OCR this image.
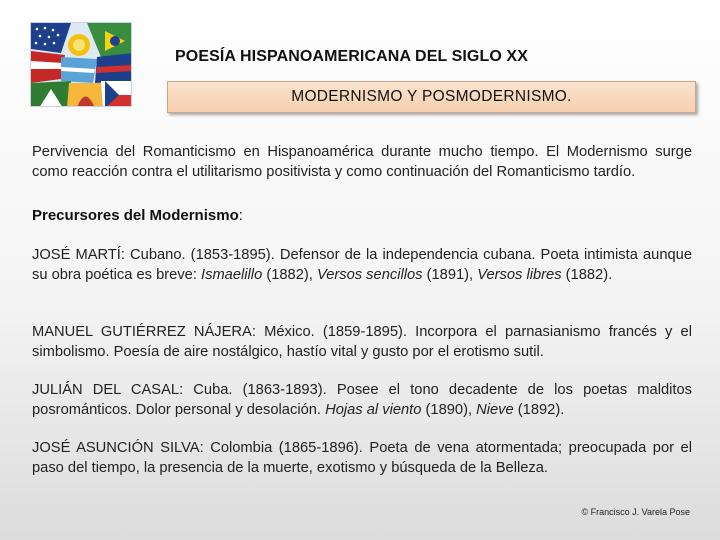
POESÍA HISPANOAMERICANA DEL SIGLO XX
MODERNISMO Y POSMODERNISMO.

Pervivencia del Romanticismo en Hispanoamérica durante mucho tiempo. El Modernismo surge como reacción contra el utilitarismo positivista y como continuación del Romanticismo tardío.

Precursores del Modernismo:

JOSÉ MARTÍ: Cubano. (1853-1895). Defensor de la independencia cubana. Poeta intimista aunque su obra poética es breve: Ismaelillo (1882), Versos sencillos (1891), Versos libres (1882).

MANUEL GUTIÉRREZ NÁJERA: México. (1859-1895). Incorpora el parnasianismo francés y el simbolismo. Poesía de aire nostálgico, hastío vital y gusto por el erotismo sutil.

JULIÁN DEL CASAL: Cuba. (1863-1893). Posee el tono decadente de los poetas malditos posrománticos. Dolor personal y desolación. Hojas al viento (1890), Nieve (1892).

JOSÉ ASUNCIÓN SILVA: Colombia (1865-1896). Poeta de vena atormentada; preocupada por el paso del tiempo, la presencia de la muerte, exotismo y búsqueda de la Belleza.

© Francisco J. Varela Pose
